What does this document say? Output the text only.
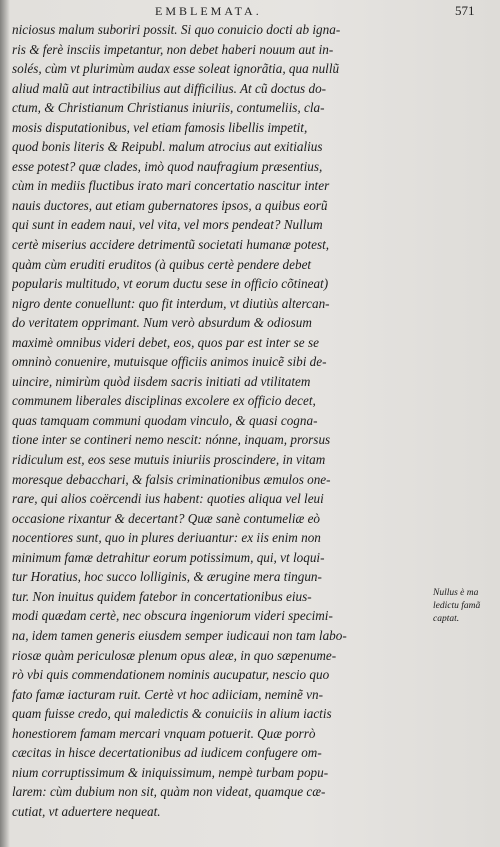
EMBLEMATA.	571
niciosus malum suboriri possit. Si quo conuicio docti ab igna-
ris & ferè insciis impetantur, non debet haberi nouum aut in-
solés, cùm vt plurimùm audax esse soleat ignorãtia, qua nullũ
aliud malũ aut intractibilius aut difficilius. At cũ doctus do-
ctum, & Christianum Christianus iniuriis, contumeliis, cla-
mosis disputationibus, vel etiam famosis libellis impetit,
quod bonis literis & Reipubl. malum atrocius aut exitialius
esse potest? quæ clades, imò quod naufragium præsentius,
cùm in mediis fluctibus irato mari concertatio nascitur inter
nauis ductores, aut etiam gubernatores ipsos, a quibus eorũ
qui sunt in eadem naui, vel vita, vel mors pendeat? Nullum
certè miserius accidere detrimentũ societati humanæ potest,
quàm cùm eruditi eruditos (à quibus certè pendere debet
popularis multitudo, vt eorum ductu sese in officio cõtineat)
nigro dente conuellunt: quo fit interdum, vt diutiùs altercan-
do veritatem opprimant. Num verò absurdum & odiosum
maximè omnibus videri debet, eos, quos par est inter se se
omninò conuenire, mutuisque officiis animos inuicẽ sibi de-
uincire, nimirùm quòd iisdem sacris initiati ad vtilitatem
communem liberales disciplinas excolere ex officio decet,
quas tamquam communi quodam vinculo, & quasi cogna-
tione inter se contineri nemo nescit: nónne, inquam, prorsus
ridiculum est, eos sese mutuis iniuriis proscindere, in vitam
moresque debacchari, & falsis criminationibus æmulos one-
rare, qui alios coërcendi ius habent: quoties aliqua vel leui
occasione rixantur & decertant? Quæ sanè contumeliæ eò
nocentiores sunt, quo in plures deriuantur: ex iis enim non
minimum famæ detrahitur eorum potissimum, qui, vt loqui-
tur Horatius, hoc succo lolliginis, & ærugine mera tingun-
tur. Non inuitus quidem fatebor in concertationibus eius-
modi quædam certè, nec obscura ingeniorum videri specimi-
na, idem tamen generis eiusdem semper iudicaui non tam labo-
riosæ quàm periculosæ plenum opus aleæ, in quo sæpenume-
rò vbi quis commendationem nominis aucupatur, nescio quo
fato famæ iacturam ruit. Certè vt hoc adiiciam, neminẽ vn-
quam fuisse credo, qui maledictis & conuiciis in alium iactis
honestiorem famam mercari vnquam potuerit. Quæ porrò
cæcitas in hisce decertationibus ad iudicem confugere om-
nium corruptissimum & iniquissimum, nempè turbam popu-
larem: cùm dubium non sit, quàm non videat, quamque cæ-
cutiat, vt aduertere nequeat.
Nullus è ma
ledictu famã
captat.
